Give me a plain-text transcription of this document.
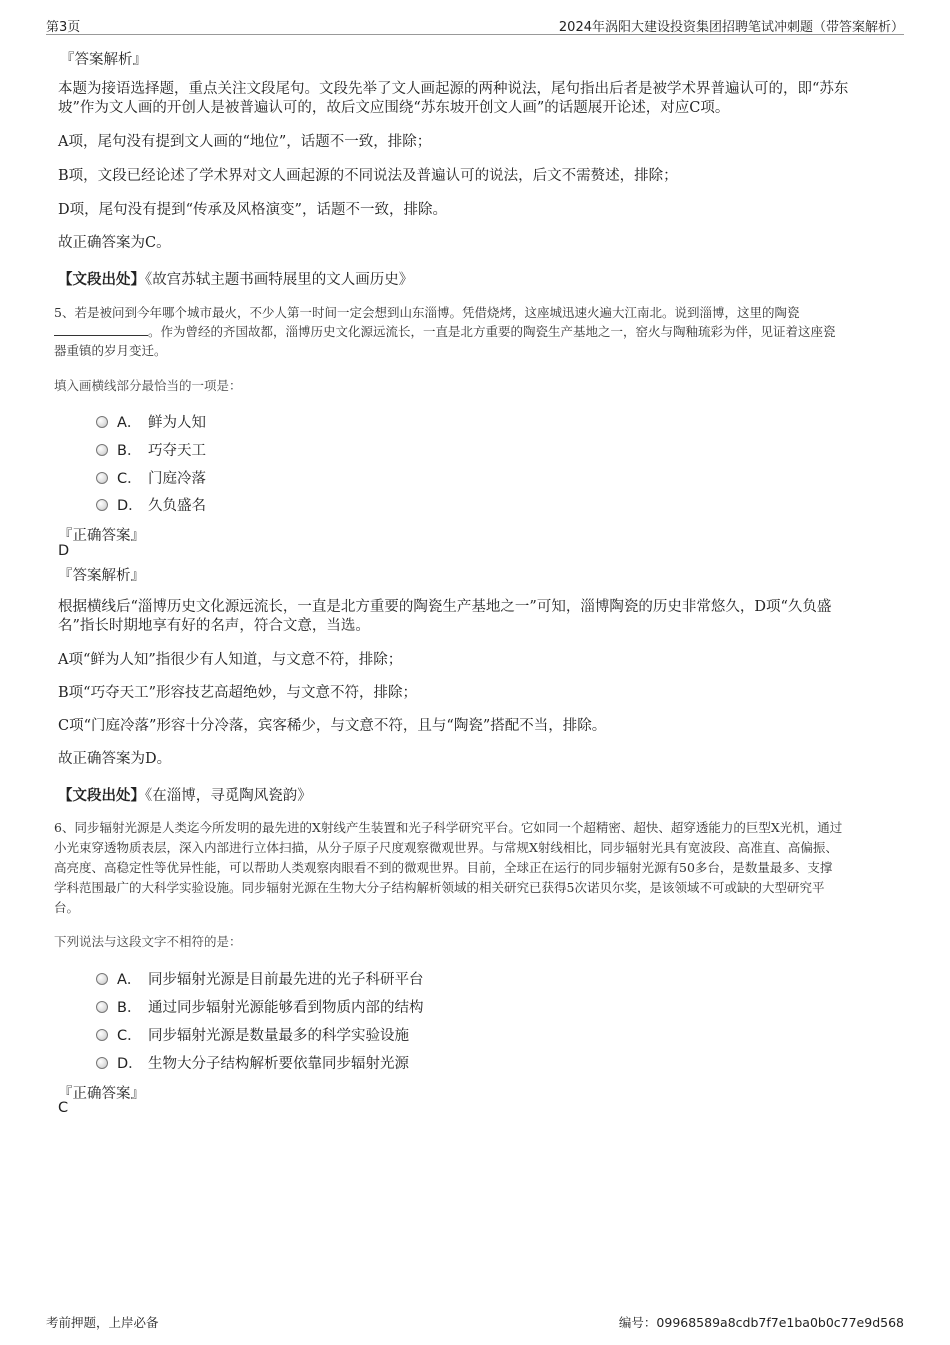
第3页	2024年涡阳大建设投资集团招聘笔试冲刺题（带答案解析）
『答案解析』
本题为接语选择题，重点关注文段尾句。文段先举了文人画起源的两种说法，尾句指出后者是被学术界普遍认可的，即“苏东
坡”作为文人画的开创人是被普遍认可的，故后文应围绕“苏东坡开创文人画”的话题展开论述，对应C项。
A项，尾句没有提到文人画的“地位”，话题不一致，排除；
B项，文段已经论述了学术界对文人画起源的不同说法及普遍认可的说法，后文不需赘述，排除；
D项，尾句没有提到“传承及风格演变”，话题不一致，排除。
故正确答案为C。
【文段出处】《故宫苏轼主题书画特展里的文人画历史》
5、若是被问到今年哪个城市最火，不少人第一时间一定会想到山东淄博。凭借烧烤，这座城迅速火遍大江南北。说到淄博，这里的陶瓷
。作为曾经的齐国故都，淄博历史文化源远流长，一直是北方重要的陶瓷生产基地之一，窑火与陶釉琉彩为伴，见证着这座瓷
器重镇的岁月变迁。
填入画横线部分最恰当的一项是：
A． 鲜为人知
B． 巧夺天工
C． 门庭冷落
D． 久负盛名
『正确答案』
D
『答案解析』
根据横线后“淄博历史文化源远流长，一直是北方重要的陶瓷生产基地之一”可知，淄博陶瓷的历史非常悠久，D项“久负盛
名”指长时期地享有好的名声，符合文意，当选。
A项“鲜为人知”指很少有人知道，与文意不符，排除；
B项“巧夺天工”形容技艺高超绝妙，与文意不符，排除；
C项“门庭冷落”形容十分冷落，宾客稀少，与文意不符，且与“陶瓷”搭配不当，排除。
故正确答案为D。
【文段出处】《在淄博，寻觅陶风瓷韵》
6、同步辐射光源是人类迄今所发明的最先进的X射线产生装置和光子科学研究平台。它如同一个超精密、超快、超穿透能力的巨型X光机，通过
小光束穿透物质表层，深入内部进行立体扫描，从分子原子尺度观察微观世界。与常规X射线相比，同步辐射光具有宽波段、高准直、高偏振、
高亮度、高稳定性等优异性能，可以帮助人类观察肉眼看不到的微观世界。目前，全球正在运行的同步辐射光源有50多台，是数量最多、支撑
学科范围最广的大科学实验设施。同步辐射光源在生物大分子结构解析领域的相关研究已获得5次诺贝尔奖，是该领域不可或缺的大型研究平
台。
下列说法与这段文字不相符的是：
A． 同步辐射光源是目前最先进的光子科研平台
B． 通过同步辐射光源能够看到物质内部的结构
C． 同步辐射光源是数量最多的科学实验设施
D． 生物大分子结构解析要依靠同步辐射光源
『正确答案』
C
考前押题，上岸必备	编号：09968589a8cdb7f7e1ba0b0c77e9d568
